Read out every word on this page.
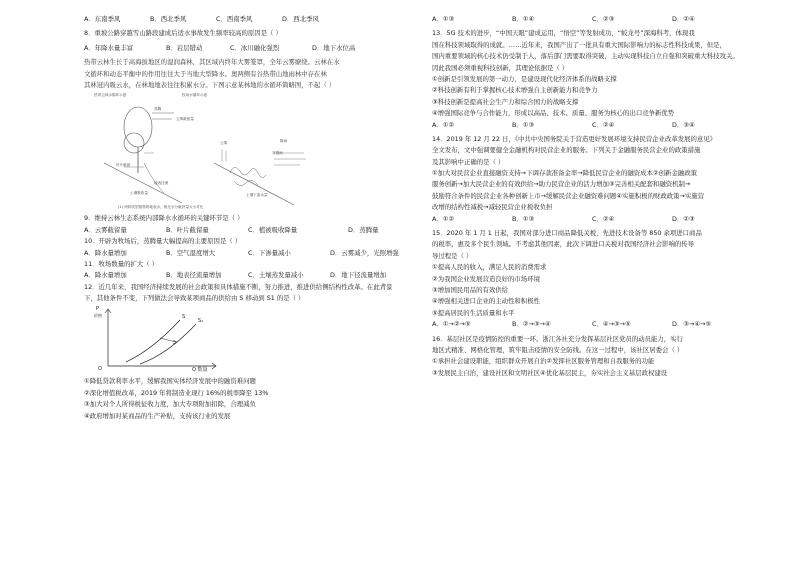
A．东南季风	B．西北季风	C．西南季风	D．西北季风
8．重坡公路穿越雪山路段建成后适水事故发生频率较高的原因是（ ）
A．年降水量丰富	B．岩层错动	C．冰川融化强烈	D．地下水位高
热带云林生长于高海拔地区的湿润森林，其区域内终年大雾笼罩，全年云雾缭绕。云林在水
文循环和动态平衡中的作用往往大于当地大型降水。奥两侧有谷热带山地雨林中存在林
其林冠内吸云水，在林地地表往往积累水分。下图示意某林地的水循环简略图，不起（ ）
热带云林水循环示意	牧场水循环示意
蒸腾
云雾截留量
叶片截留
地表径流
土壤吸收量	土壤下渗水量
穿透雨
降雨
云雾
(1) 两种类型植物的地表水，相比水分截获量大小对比
9．维持云林生态系统内部降水水循环的关键环节是（ ）
A．云雾截留量	B．叶片截留量	C．植被吸收降量	D．蒸腾量
10．开辟为牧场后，蒸腾量大幅提高的主要原因是（ ）
A．降水量增加	B．空气湿度增大	C．下渗量减小	D．云雾减少，光照增强
11．牧场数量的扩大（ ）
A．降水量增加	B．地表径流量增加	C．土壤蒸发量减小	D．地下径流量增加
12．近几年来，我国经济持续发展的社会政策和具体措施不断，努力推进，推进供给侧结构性改革。在此背景
下，其他条件不变，下列做法会导致某项商品的供给由 S 移动到 S1 的是（ ）
P
价格
O	Q 数量
S
S₁
①降低贷款利率水平，缓解我国实体经济发展中的融资难问题
②深化增值税改革，2019 年将制造业现行 16%的税率降至 13%
③加大对个人所得税征收力度，加大专项附加扣除，合理减负
④政府增加对某商品的生产补贴，支持该行业的发展
A．①③	B．①④	C．②③	D．②④
13．5G 技术的进步，“中国天眼”建成运用，“悟空”等发射成功，“蛟龙号”深海科考，体现我
国在科技领域取得的成就。……近年来，我国产出了一批具有重大国际影响力的标志性科技成果，但是，
国内重要领域的核心技术仍受制于人，落后部门需要取得突破，主动实现科技自立自强和突破重大科技攻关。
因此我国必须重视科技创新，其理论依据是（ ）
①创新是引领发展的第一动力，是建设现代化经济体系的战略支撑
②科技创新有利于掌握核心技术增强自主创新能力和竞争力
③科技创新是提高社会生产力和综合国力的战略支撑
④增强国际竞争与合作能力，形成以高品、技术、质量、服务为核心的出口竞争新优势
A．①②	B．①③	C．②④	D．③④
14．2019 年 12 月 22 日，《中共中央国务院关于营造更好发展环境支持民营企业改革发展的意见》
全文发布，文中强调要健全金融机构对民营企业的服务。下列关于金融服务民营企业的政策措施
及其影响中正确的是（ ）
①加大对民营企业直接融资支持→下调存款准备金率→降低民营企业的融资成本②创新金融政策
服务创新→加大民营企业的有效供给→助力民营企业的活力增加③完善相关配套和融资机制→
鼓励符合条件的民营企业各种创新上市→缓解民营企业融资难问题④实施积极的财政政策→实施营
改增的结构性减税→减轻民营企业税收负担
A．①②	B．①③	C．②④	D．②③
15．2020 年 1 月 1 日起，我国对部分进口商品降低关税，先进技术设备等 850 余项进口商品
的税率，惠及多个民生领域。不考虑其他因素，此次下调进口关税对我国经济社会影响的传导
导过程是（ ）
①提高人民的收入，满足人民的消费需求
②为我国企业发展营造良好的市场环境
③增加国民用品的有效供给
④增强相关进口企业的主动性和积极性
⑤提高居民的生活质量和水平
A．①→②→⑤	B．②→③→④	C．④→③→⑤	D．③→④→⑤
16．基层社区是疫情防控的重要一环。浙江各社充分发挥基层社区党员的动员能力，实行
地区式精准、网格化管理，筑牢阻击疫情的安全防线。在这一过程中，该社区居委会（ ）
①承担社会建设职能，组织群众开展自治②发挥社区服务管理和自我服务的功能
③发展民主自治，建设社区和文明社区④优化基层民主，夯实社会主义基层政权建设
